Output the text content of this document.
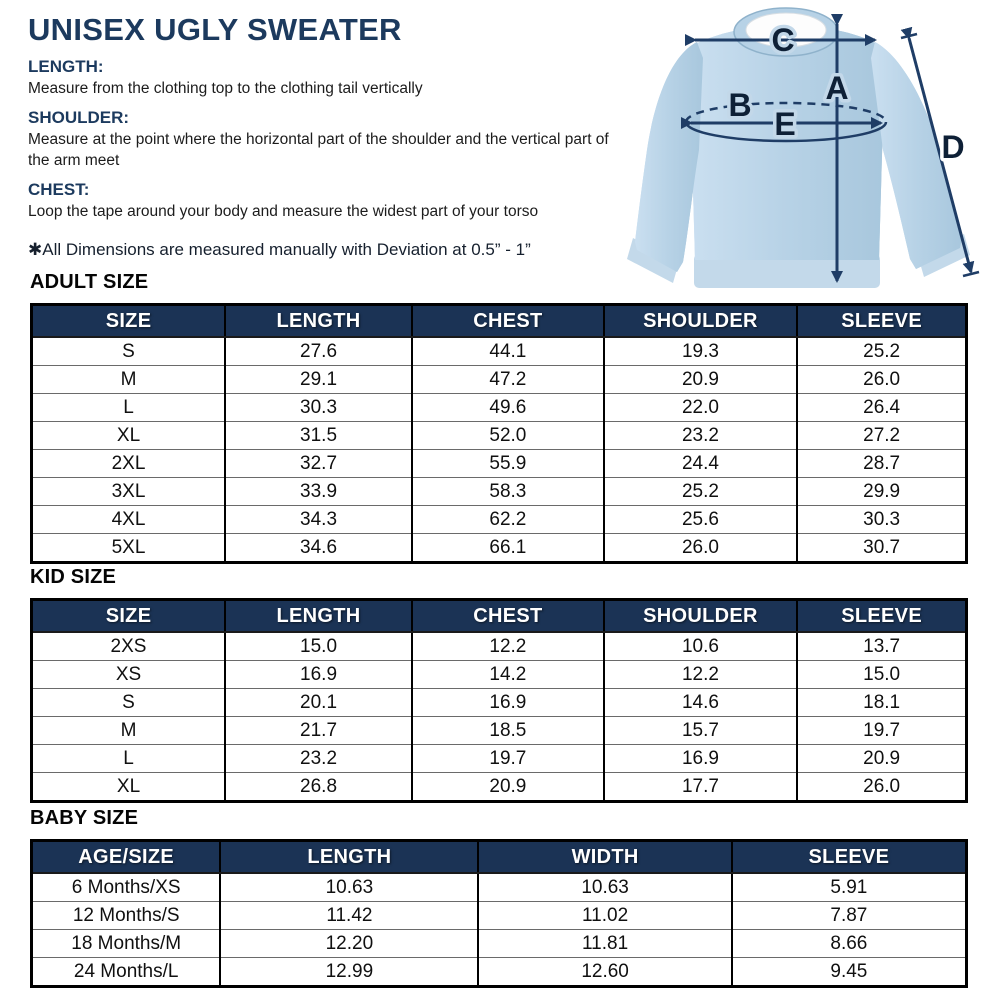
UNISEX UGLY SWEATER
LENGTH:
Measure from the clothing top to the clothing tail vertically
SHOULDER:
Measure at the point where the horizontal part of the shoulder and the vertical part of the arm meet
CHEST:
Loop the tape around your body and measure the widest part of your torso
✱All Dimensions are measured manually with Deviation at 0.5” - 1”
C
A
B
E
D
ADULT SIZE
SIZE	LENGTH	CHEST	SHOULDER	SLEEVE
S	27.6	44.1	19.3	25.2
M	29.1	47.2	20.9	26.0
L	30.3	49.6	22.0	26.4
XL	31.5	52.0	23.2	27.2
2XL	32.7	55.9	24.4	28.7
3XL	33.9	58.3	25.2	29.9
4XL	34.3	62.2	25.6	30.3
5XL	34.6	66.1	26.0	30.7
KID SIZE
SIZE	LENGTH	CHEST	SHOULDER	SLEEVE
2XS	15.0	12.2	10.6	13.7
XS	16.9	14.2	12.2	15.0
S	20.1	16.9	14.6	18.1
M	21.7	18.5	15.7	19.7
L	23.2	19.7	16.9	20.9
XL	26.8	20.9	17.7	26.0
BABY SIZE
AGE/SIZE	LENGTH	WIDTH	SLEEVE
6 Months/XS	10.63	10.63	5.91
12 Months/S	11.42	11.02	7.87
18 Months/M	12.20	11.81	8.66
24 Months/L	12.99	12.60	9.45
